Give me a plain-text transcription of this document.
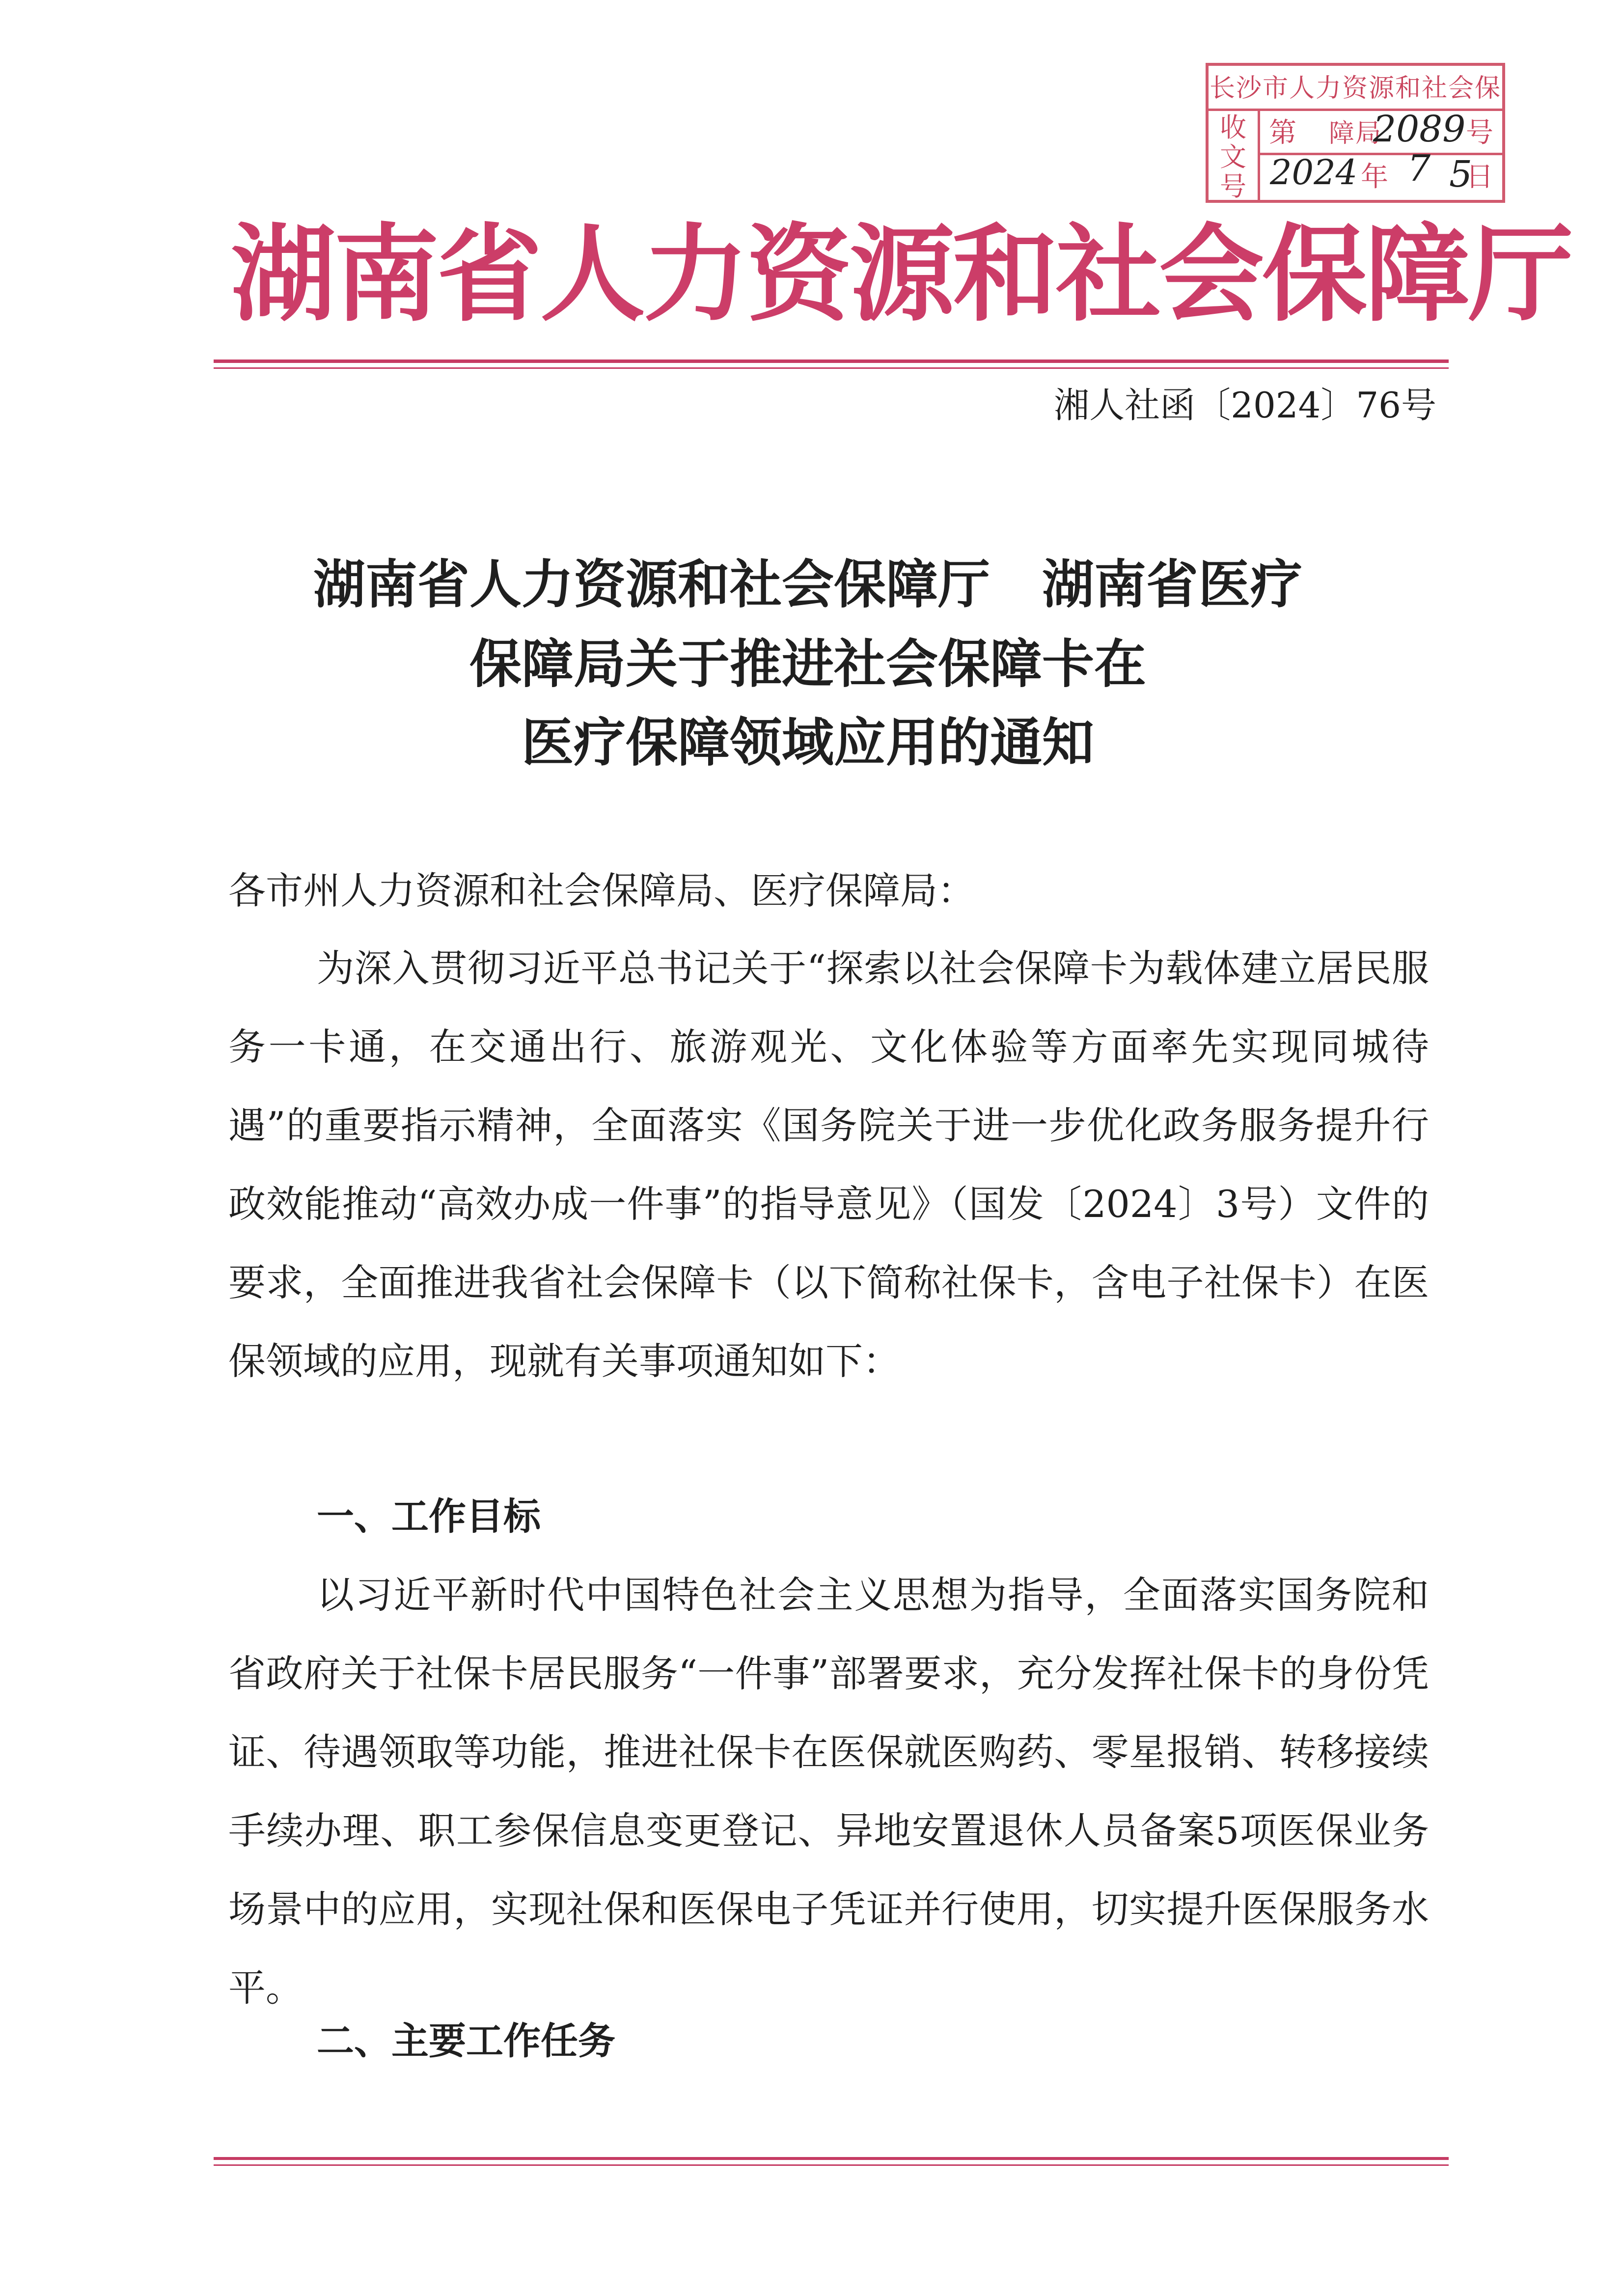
长沙市人力资源和社会保障局
收文号
第 2089 号
2024 年 7 5
日
湖南省人力资源和社会保障厅
湘人社函〔2024〕76号
湖南省人力资源和社会保障厅　湖南省医疗
保障局关于推进社会保障卡在
医疗保障领域应用的通知
各市州人力资源和社会保障局、医疗保障局：
为深入贯彻习近平总书记关于“探索以社会保障卡为载体建立居民服务一卡通，在交通出行、旅游观光、文化体验等方面率先实现同城待遇”的重要指示精神，全面落实《国务院关于进一步优化政务服务提升行政效能推动“高效办成一件事”的指导意见》（国发〔2024〕3号）文件的要求，全面推进我省社会保障卡（以下简称社保卡，含电子社保卡）在医保领域的应用，现就有关事项通知如下：
一、工作目标
以习近平新时代中国特色社会主义思想为指导，全面落实国务院和省政府关于社保卡居民服务“一件事”部署要求，充分发挥社保卡的身份凭证、待遇领取等功能，推进社保卡在医保就医购药、零星报销、转移接续手续办理、职工参保信息变更登记、异地安置退休人员备案5项医保业务场景中的应用，实现社保和医保电子凭证并行使用，切实提升医保服务水平。
二、主要工作任务
